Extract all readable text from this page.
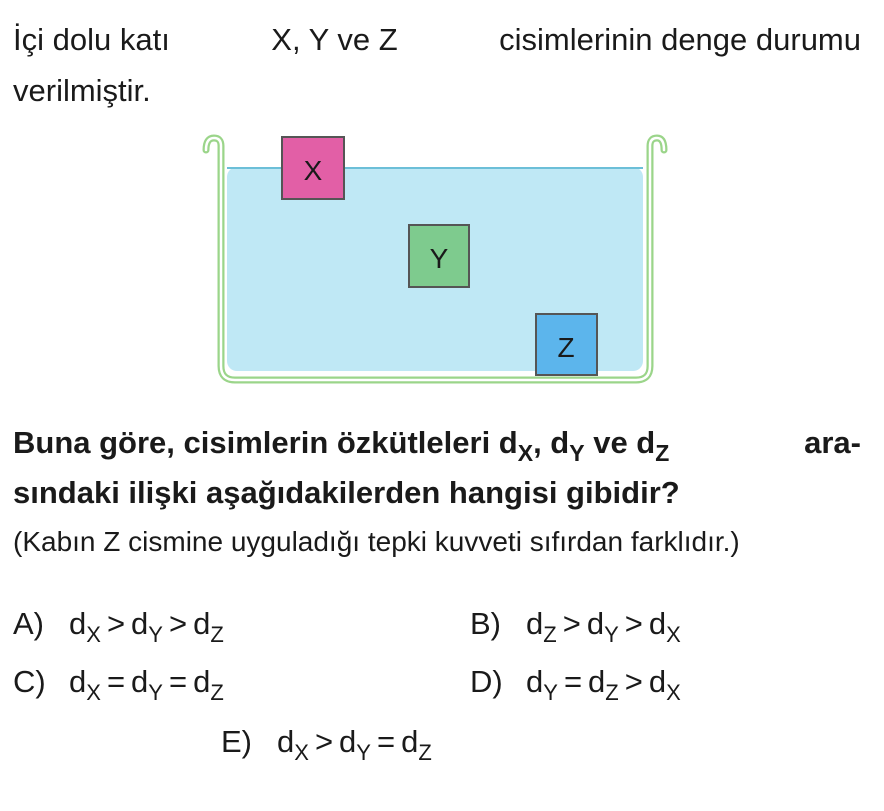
İçi dolu katı	X, Y ve Z	cisimlerinin denge durumu
verilmiştir.
X
Y
Z
Buna göre, cisimlerin özkütleleri $d_X$, $d_Y$ ve $d_Z$	ara-
sındaki ilişki aşağıdakilerden hangisi gibidir?
(Kabın Z cismine uyguladığı tepki kuvveti sıfırdan farklıdır.)
A) $d_X > d_Y > d_Z$	B) $d_Z > d_Y > d_X$
C) $d_X = d_Y = d_Z$	D) $d_Y = d_Z > d_X$
E) $d_X > d_Y = d_Z$
